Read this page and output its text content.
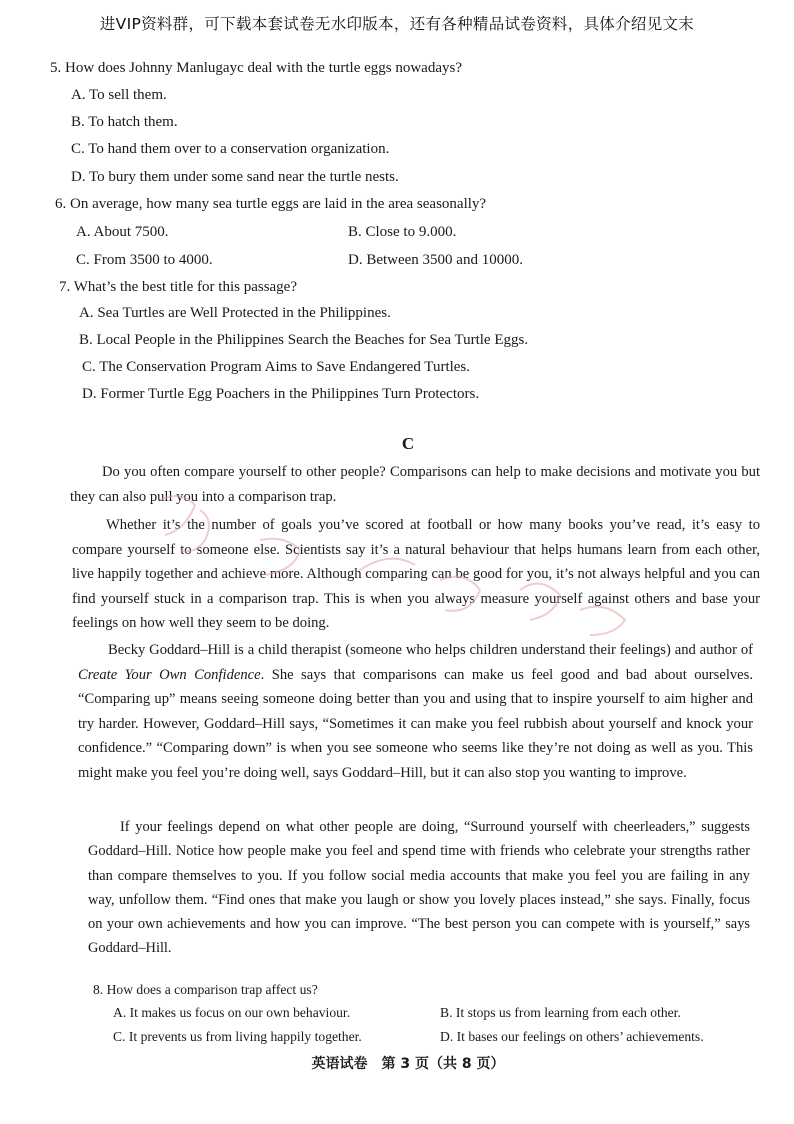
进VIP资料群，可下载本套试卷无水印版本，还有各种精品试卷资料，具体介绍见文末
5. How does Johnny Manlugayc deal with the turtle eggs nowadays?
A. To sell them.
B. To hatch them.
C. To hand them over to a conservation organization.
D. To bury them under some sand near the turtle nests.
6. On average, how many sea turtle eggs are laid in the area seasonally?
A. About 7500.	B. Close to 9.000.
C. From 3500 to 4000.	D. Between 3500 and 10000.
7. What’s the best title for this passage?
A. Sea Turtles are Well Protected in the Philippines.
B. Local People in the Philippines Search the Beaches for Sea Turtle Eggs.
C. The Conservation Program Aims to Save Endangered Turtles.
D. Former Turtle Egg Poachers in the Philippines Turn Protectors.
C
Do you often compare yourself to other people? Comparisons can help to make decisions and motivate you but they can also pull you into a comparison trap.
Whether it’s the number of goals you’ve scored at football or how many books you’ve read, it’s easy to compare yourself to someone else. Scientists say it’s a natural behaviour that helps humans learn from each other, live happily together and achieve more. Although comparing can be good for you, it’s not always helpful and you can find yourself stuck in a comparison trap. This is when you always measure yourself against others and base your feelings on how well they seem to be doing.
Becky Goddard–Hill is a child therapist (someone who helps children understand their feelings) and author of Create Your Own Confidence. She says that comparisons can make us feel good and bad about ourselves. “Comparing up” means seeing someone doing better than you and using that to inspire yourself to aim higher and try harder. However, Goddard–Hill says, “Sometimes it can make you feel rubbish about yourself and knock your confidence.” “Comparing down” is when you see someone who seems like they’re not doing as well as you. This might make you feel you’re doing well, says Goddard–Hill, but it can also stop you wanting to improve.
If your feelings depend on what other people are doing, “Surround yourself with cheerleaders,” suggests Goddard–Hill. Notice how people make you feel and spend time with friends who celebrate your strengths rather than compare themselves to you. If you follow social media accounts that make you feel you are failing in any way, unfollow them. “Find ones that make you laugh or show you lovely places instead,” she says. Finally, focus on your own achievements and how you can improve. “The best person you can compete with is yourself,” says Goddard–Hill.
8. How does a comparison trap affect us?
A. It makes us focus on our own behaviour.	B. It stops us from learning from each other.
C. It prevents us from living happily together.	D. It bases our feelings on others’ achievements.
英语试卷　第 3 页（共 8 页）
